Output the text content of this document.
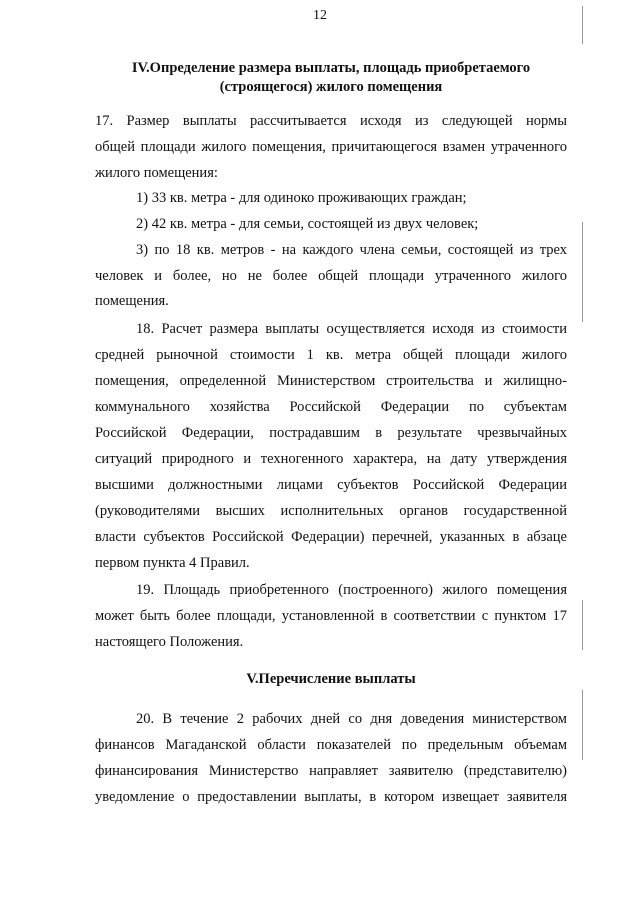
12
IV.Определение размера выплаты, площадь приобретаемого
(строящегося) жилого помещения
17. Размер выплаты рассчитывается исходя из следующей нормы
общей площади жилого помещения, причитающегося взамен утраченного
жилого помещения:
1) 33 кв. метра - для одиноко проживающих граждан;
2) 42 кв. метра - для семьи, состоящей из двух человек;
3) по 18 кв. метров - на каждого члена семьи, состоящей из трех
человек и более, но не более общей площади утраченного жилого
помещения.
18. Расчет размера выплаты осуществляется исходя из стоимости
средней рыночной стоимости 1 кв. метра общей площади жилого
помещения, определенной Министерством строительства и жилищно-
коммунального хозяйства Российской Федерации по субъектам
Российской Федерации, пострадавшим в результате чрезвычайных
ситуаций природного и техногенного характера, на дату утверждения
высшими должностными лицами субъектов Российской Федерации
(руководителями высших исполнительных органов государственной
власти субъектов Российской Федерации) перечней, указанных в абзаце
первом пункта 4 Правил.
19. Площадь приобретенного (построенного) жилого помещения
может быть более площади, установленной в соответствии с пунктом 17
настоящего Положения.
V.Перечисление выплаты
20. В течение 2 рабочих дней со дня доведения министерством
финансов Магаданской области показателей по предельным объемам
финансирования Министерство направляет заявителю (представителю)
уведомление о предоставлении выплаты, в котором извещает заявителя
